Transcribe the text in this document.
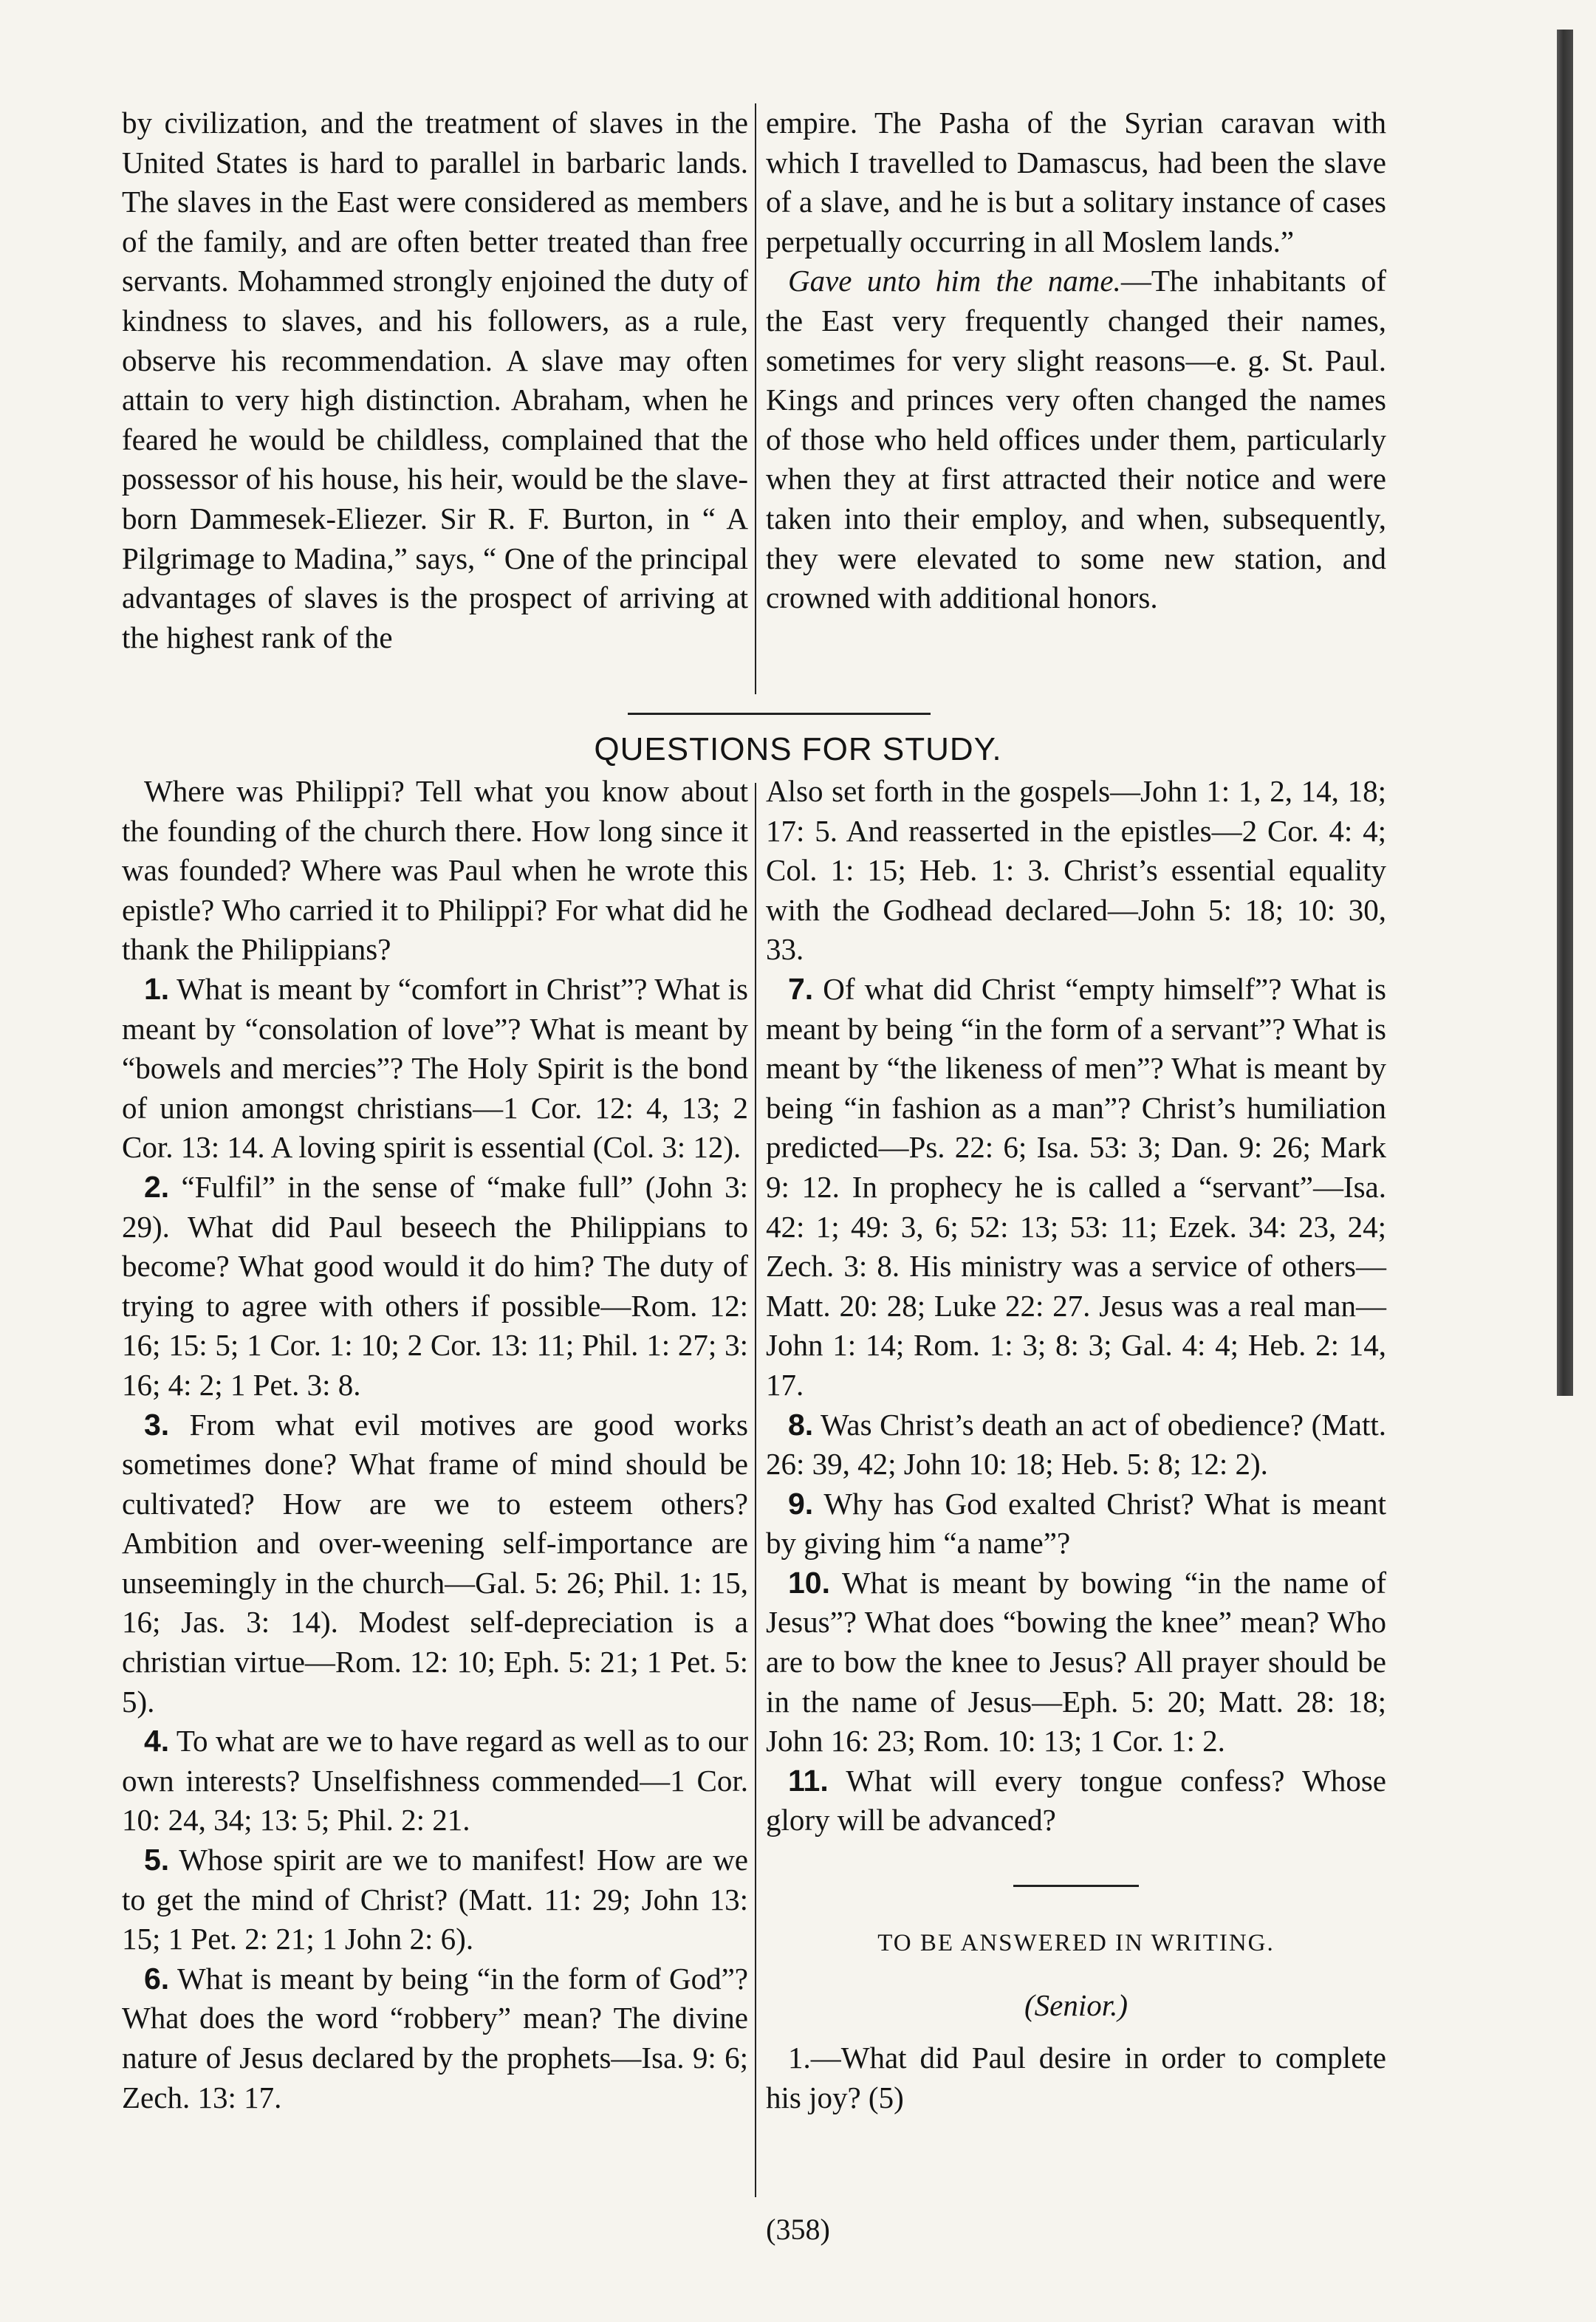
by civilization, and the treatment of slaves in the United States is hard to parallel in barbaric lands. The slaves in the East were considered as members of the family, and are often better treated than free servants. Mohammed strongly enjoined the duty of kindness to slaves, and his followers, as a rule, observe his recommendation. A slave may often attain to very high distinction. Abraham, when he feared he would be childless, complained that the possessor of his house, his heir, would be the slave-born Dammesek-Eliezer. Sir R. F. Burton, in “ A Pilgrimage to Madina,” says, “ One of the principal advantages of slaves is the prospect of arriving at the highest rank of the

empire. The Pasha of the Syrian caravan with which I travelled to Damascus, had been the slave of a slave, and he is but a solitary instance of cases perpetually occurring in all Moslem lands.”

Gave unto him the name.—The inhabitants of the East very frequently changed their names, sometimes for very slight reasons—e. g. St. Paul. Kings and princes very often changed the names of those who held offices under them, particularly when they at first attracted their notice and were taken into their employ, and when, subsequently, they were elevated to some new station, and crowned with additional honors.

QUESTIONS FOR STUDY.

Where was Philippi? Tell what you know about the founding of the church there. How long since it was founded? Where was Paul when he wrote this epistle? Who carried it to Philippi? For what did he thank the Philippians?

1. What is meant by “comfort in Christ”? What is meant by “consolation of love”? What is meant by “bowels and mercies”? The Holy Spirit is the bond of union amongst christians—1 Cor. 12: 4, 13; 2 Cor. 13: 14. A loving spirit is essential (Col. 3: 12).

2. “Fulfil” in the sense of “make full” (John 3: 29). What did Paul beseech the Philippians to become? What good would it do him? The duty of trying to agree with others if possible—Rom. 12: 16; 15: 5; 1 Cor. 1: 10; 2 Cor. 13: 11; Phil. 1: 27; 3: 16; 4: 2; 1 Pet. 3: 8.

3. From what evil motives are good works sometimes done? What frame of mind should be cultivated? How are we to esteem others? Ambition and over-weening self-importance are unseemingly in the church—Gal. 5: 26; Phil. 1: 15, 16; Jas. 3: 14). Modest self-depreciation is a christian virtue—Rom. 12: 10; Eph. 5: 21; 1 Pet. 5: 5).

4. To what are we to have regard as well as to our own interests? Unselfishness commended—1 Cor. 10: 24, 34; 13: 5; Phil. 2: 21.

5. Whose spirit are we to manifest! How are we to get the mind of Christ? (Matt. 11: 29; John 13: 15; 1 Pet. 2: 21; 1 John 2: 6).

6. What is meant by being “in the form of God”? What does the word “robbery” mean? The divine nature of Jesus declared by the prophets—Isa. 9: 6; Zech. 13: 17.

Also set forth in the gospels—John 1: 1, 2, 14, 18; 17: 5. And reasserted in the epistles—2 Cor. 4: 4; Col. 1: 15; Heb. 1: 3. Christ’s essential equality with the Godhead declared—John 5: 18; 10: 30, 33.

7. Of what did Christ “empty himself”? What is meant by being “in the form of a servant”? What is meant by “the likeness of men”? What is meant by being “in fashion as a man”? Christ’s humiliation predicted—Ps. 22: 6; Isa. 53: 3; Dan. 9: 26; Mark 9: 12. In prophecy he is called a “servant”—Isa. 42: 1; 49: 3, 6; 52: 13; 53: 11; Ezek. 34: 23, 24; Zech. 3: 8. His ministry was a service of others—Matt. 20: 28; Luke 22: 27. Jesus was a real man—John 1: 14; Rom. 1: 3; 8: 3; Gal. 4: 4; Heb. 2: 14, 17.

8. Was Christ’s death an act of obedience? (Matt. 26: 39, 42; John 10: 18; Heb. 5: 8; 12: 2).

9. Why has God exalted Christ? What is meant by giving him “a name”?

10. What is meant by bowing “in the name of Jesus”? What does “bowing the knee” mean? Who are to bow the knee to Jesus? All prayer should be in the name of Jesus—Eph. 5: 20; Matt. 28: 18; John 16: 23; Rom. 10: 13; 1 Cor. 1: 2.

11. What will every tongue confess? Whose glory will be advanced?

TO BE ANSWERED IN WRITING.
(Senior.)

1.—What did Paul desire in order to complete his joy? (5)

(358)
